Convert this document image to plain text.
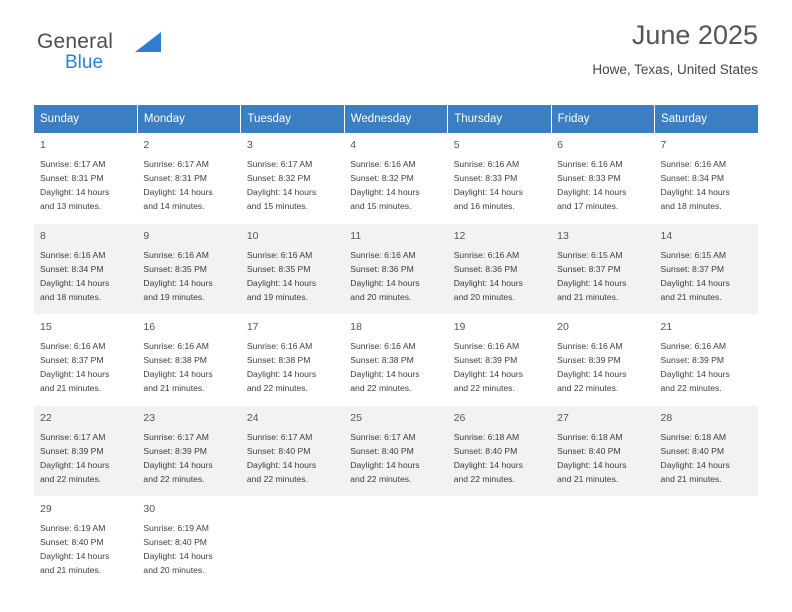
General
Blue
June 2025
Howe, Texas, United States
Sunday	Monday	Tuesday	Wednesday	Thursday	Friday	Saturday

1
Sunrise: 6:17 AM
Sunset: 8:31 PM
Daylight: 14 hours
and 13 minutes.	2
Sunrise: 6:17 AM
Sunset: 8:31 PM
Daylight: 14 hours
and 14 minutes.	3
Sunrise: 6:17 AM
Sunset: 8:32 PM
Daylight: 14 hours
and 15 minutes.	4
Sunrise: 6:16 AM
Sunset: 8:32 PM
Daylight: 14 hours
and 15 minutes.	5
Sunrise: 6:16 AM
Sunset: 8:33 PM
Daylight: 14 hours
and 16 minutes.	6
Sunrise: 6:16 AM
Sunset: 8:33 PM
Daylight: 14 hours
and 17 minutes.	7
Sunrise: 6:16 AM
Sunset: 8:34 PM
Daylight: 14 hours
and 18 minutes.

8
Sunrise: 6:16 AM
Sunset: 8:34 PM
Daylight: 14 hours
and 18 minutes.	9
Sunrise: 6:16 AM
Sunset: 8:35 PM
Daylight: 14 hours
and 19 minutes.	10
Sunrise: 6:16 AM
Sunset: 8:35 PM
Daylight: 14 hours
and 19 minutes.	11
Sunrise: 6:16 AM
Sunset: 8:36 PM
Daylight: 14 hours
and 20 minutes.	12
Sunrise: 6:16 AM
Sunset: 8:36 PM
Daylight: 14 hours
and 20 minutes.	13
Sunrise: 6:15 AM
Sunset: 8:37 PM
Daylight: 14 hours
and 21 minutes.	14
Sunrise: 6:15 AM
Sunset: 8:37 PM
Daylight: 14 hours
and 21 minutes.

15
Sunrise: 6:16 AM
Sunset: 8:37 PM
Daylight: 14 hours
and 21 minutes.	16
Sunrise: 6:16 AM
Sunset: 8:38 PM
Daylight: 14 hours
and 21 minutes.	17
Sunrise: 6:16 AM
Sunset: 8:38 PM
Daylight: 14 hours
and 22 minutes.	18
Sunrise: 6:16 AM
Sunset: 8:38 PM
Daylight: 14 hours
and 22 minutes.	19
Sunrise: 6:16 AM
Sunset: 8:39 PM
Daylight: 14 hours
and 22 minutes.	20
Sunrise: 6:16 AM
Sunset: 8:39 PM
Daylight: 14 hours
and 22 minutes.	21
Sunrise: 6:16 AM
Sunset: 8:39 PM
Daylight: 14 hours
and 22 minutes.

22
Sunrise: 6:17 AM
Sunset: 8:39 PM
Daylight: 14 hours
and 22 minutes.	23
Sunrise: 6:17 AM
Sunset: 8:39 PM
Daylight: 14 hours
and 22 minutes.	24
Sunrise: 6:17 AM
Sunset: 8:40 PM
Daylight: 14 hours
and 22 minutes.	25
Sunrise: 6:17 AM
Sunset: 8:40 PM
Daylight: 14 hours
and 22 minutes.	26
Sunrise: 6:18 AM
Sunset: 8:40 PM
Daylight: 14 hours
and 22 minutes.	27
Sunrise: 6:18 AM
Sunset: 8:40 PM
Daylight: 14 hours
and 21 minutes.	28
Sunrise: 6:18 AM
Sunset: 8:40 PM
Daylight: 14 hours
and 21 minutes.

29
Sunrise: 6:19 AM
Sunset: 8:40 PM
Daylight: 14 hours
and 21 minutes.	30
Sunrise: 6:19 AM
Sunset: 8:40 PM
Daylight: 14 hours
and 20 minutes.					
